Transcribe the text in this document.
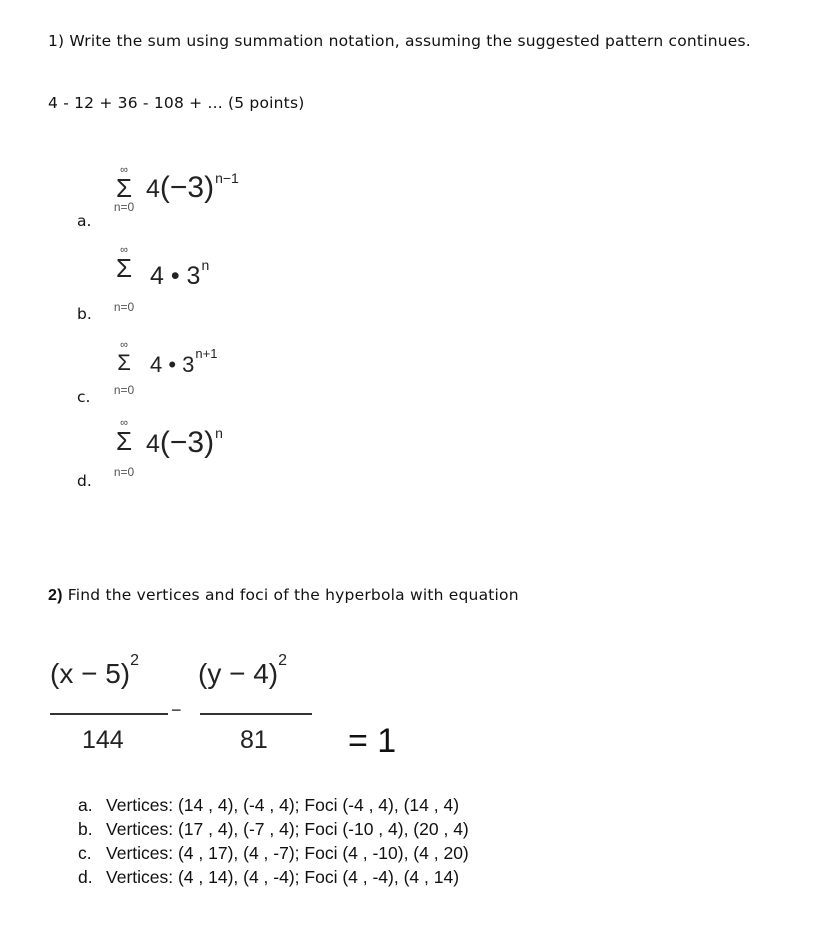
1) Write the sum using summation notation, assuming the suggested pattern continues.
4 - 12 + 36 - 108 + ... (5 points)
a.
∞
Σ
n=0
$4(-3)^{n-1}$
b.
∞
Σ
n=0
4 • 3$^n$
c.
∞
Σ
n=0
4 • $3^{n+1}$
d.
∞
Σ
n=0
$4(-3)^n$
2) Find the vertices and foci of the hyperbola with equation
$(x - 5)^2$
144
−
$(y - 4)^2$
81 = 1
a. Vertices: (14 , 4), (-4 , 4); Foci (-4 , 4), (14 , 4)
b. Vertices: (17 , 4), (-7 , 4); Foci (-10 , 4), (20 , 4)
c. Vertices: (4 , 17), (4 , -7); Foci (4 , -10), (4 , 20)
d. Vertices: (4 , 14), (4 , -4); Foci (4 , -4), (4 , 14)
